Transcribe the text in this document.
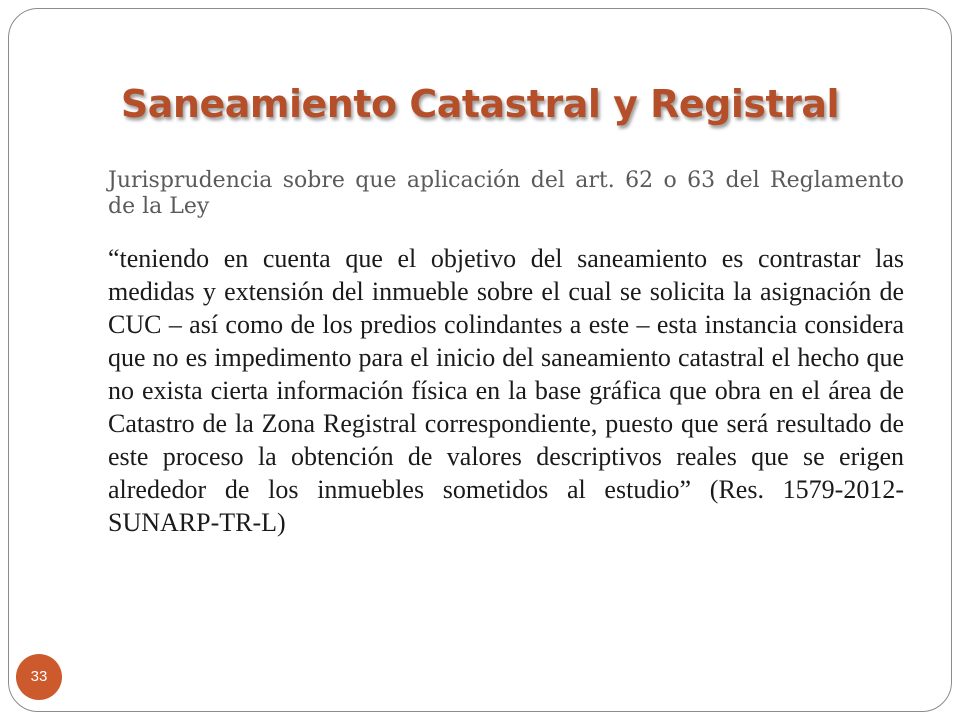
Saneamiento Catastral y Registral

Jurisprudencia sobre que aplicación del art. 62 o 63 del Reglamento de la Ley

“teniendo en cuenta que el objetivo del saneamiento es contrastar las medidas y extensión del inmueble sobre el cual se solicita la asignación de CUC – así como de los predios colindantes a este – esta instancia considera que no es impedimento para el inicio del saneamiento catastral el hecho que no exista cierta información física en la base gráfica que obra en el área de Catastro de la Zona Registral correspondiente, puesto que será resultado de este proceso la obtención de valores descriptivos reales que se erigen alrededor de los inmuebles sometidos al estudio” (Res. 1579-2012-SUNARP-TR-L)

33
